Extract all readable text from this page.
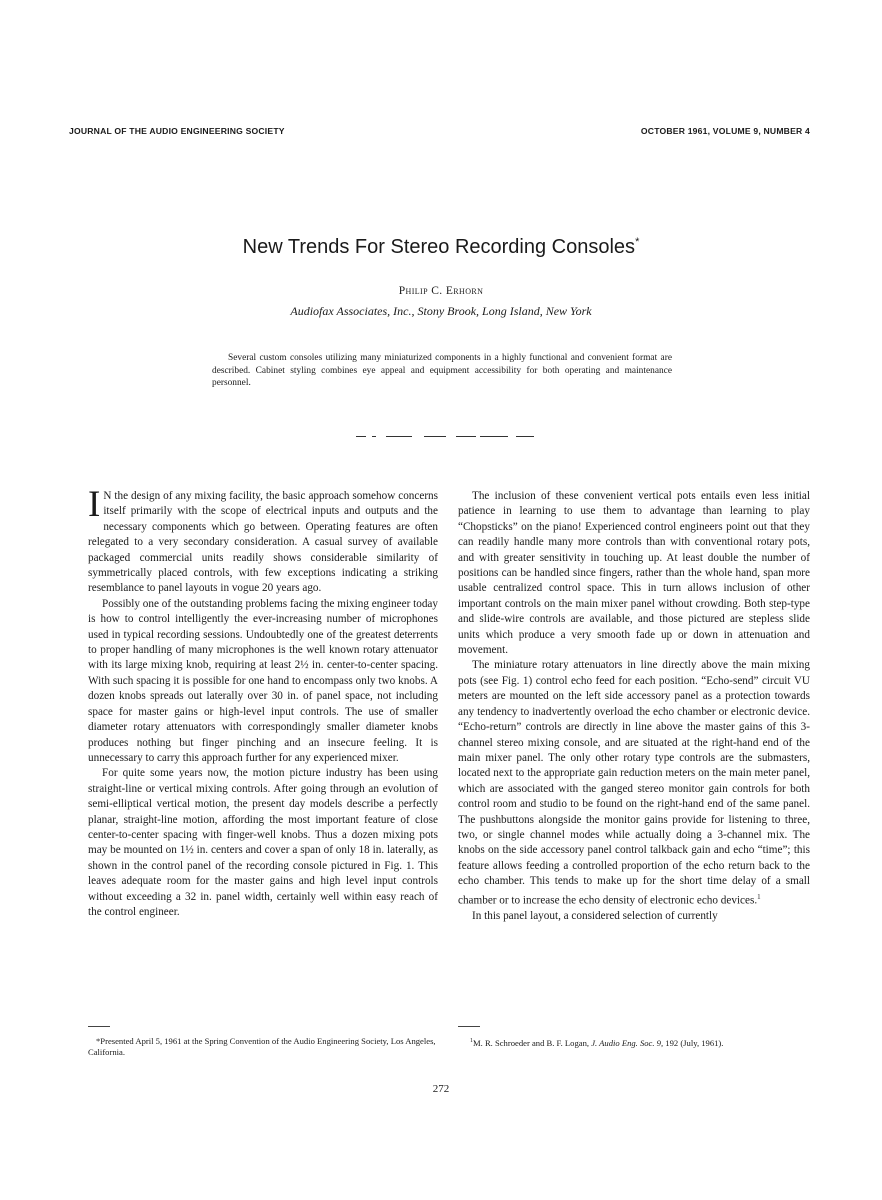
JOURNAL OF THE AUDIO ENGINEERING SOCIETY	OCTOBER 1961, VOLUME 9, NUMBER 4
New Trends For Stereo Recording Consoles*
Philip C. Erhorn
Audiofax Associates, Inc., Stony Brook, Long Island, New York
Several custom consoles utilizing many miniaturized components in a highly functional and convenient format are described. Cabinet styling combines eye appeal and equipment accessibility for both operating and maintenance personnel.

I N the design of any mixing facility, the basic approach somehow concerns itself primarily with the scope of electrical inputs and outputs and the necessary components which go between. Operating features are often relegated to a very secondary consideration. A casual survey of available packaged commercial units readily shows considerable similarity of symmetrically placed controls, with few exceptions indicating a striking resemblance to panel layouts in vogue 20 years ago.

Possibly one of the outstanding problems facing the mixing engineer today is how to control intelligently the ever-increasing number of microphones used in typical recording sessions. Undoubtedly one of the greatest deterrents to proper handling of many microphones is the well known rotary attenuator with its large mixing knob, requiring at least 2½ in. center-to-center spacing. With such spacing it is possible for one hand to encompass only two knobs. A dozen knobs spreads out laterally over 30 in. of panel space, not including space for master gains or high-level input controls. The use of smaller diameter rotary attenuators with correspondingly smaller diameter knobs produces nothing but finger pinching and an insecure feeling. It is unnecessary to carry this approach further for any experienced mixer.

For quite some years now, the motion picture industry has been using straight-line or vertical mixing controls. After going through an evolution of semi-elliptical vertical motion, the present day models describe a perfectly planar, straight-line motion, affording the most important feature of close center-to-center spacing with finger-well knobs. Thus a dozen mixing pots may be mounted on 1½ in. centers and cover a span of only 18 in. laterally, as shown in the control panel of the recording console pictured in Fig. 1. This leaves adequate room for the master gains and high level input controls without exceeding a 32 in. panel width, certainly well within easy reach of the control engineer.

The inclusion of these convenient vertical pots entails even less initial patience in learning to use them to advantage than learning to play “Chopsticks” on the piano! Experienced control engineers point out that they can readily handle many more controls than with conventional rotary pots, and with greater sensitivity in touching up. At least double the number of positions can be handled since fingers, rather than the whole hand, span more usable centralized control space. This in turn allows inclusion of other important controls on the main mixer panel without crowding. Both step-type and slide-wire controls are available, and those pictured are stepless slide units which produce a very smooth fade up or down in attenuation and movement.

The miniature rotary attenuators in line directly above the main mixing pots (see Fig. 1) control echo feed for each position. “Echo-send” circuit VU meters are mounted on the left side accessory panel as a protection towards any tendency to inadvertently overload the echo chamber or electronic device. “Echo-return” controls are directly in line above the master gains of this 3-channel stereo mixing console, and are situated at the right-hand end of the main mixer panel. The only other rotary type controls are the submasters, located next to the appropriate gain reduction meters on the main meter panel, which are associated with the ganged stereo monitor gain controls for both control room and studio to be found on the right-hand end of the same panel. The pushbuttons alongside the monitor gains provide for listening to three, two, or single channel modes while actually doing a 3-channel mix. The knobs on the side accessory panel control talkback gain and echo “time”; this feature allows feeding a controlled proportion of the echo return back to the echo chamber. This tends to make up for the short time delay of a small chamber or to increase the echo density of electronic echo devices.$^1$

In this panel layout, a considered selection of currently

*Presented April 5, 1961 at the Spring Convention of the Audio Engineering Society, Los Angeles, California.
$^1$M. R. Schroeder and B. F. Logan, J. Audio Eng. Soc. 9, 192 (July, 1961).
272
